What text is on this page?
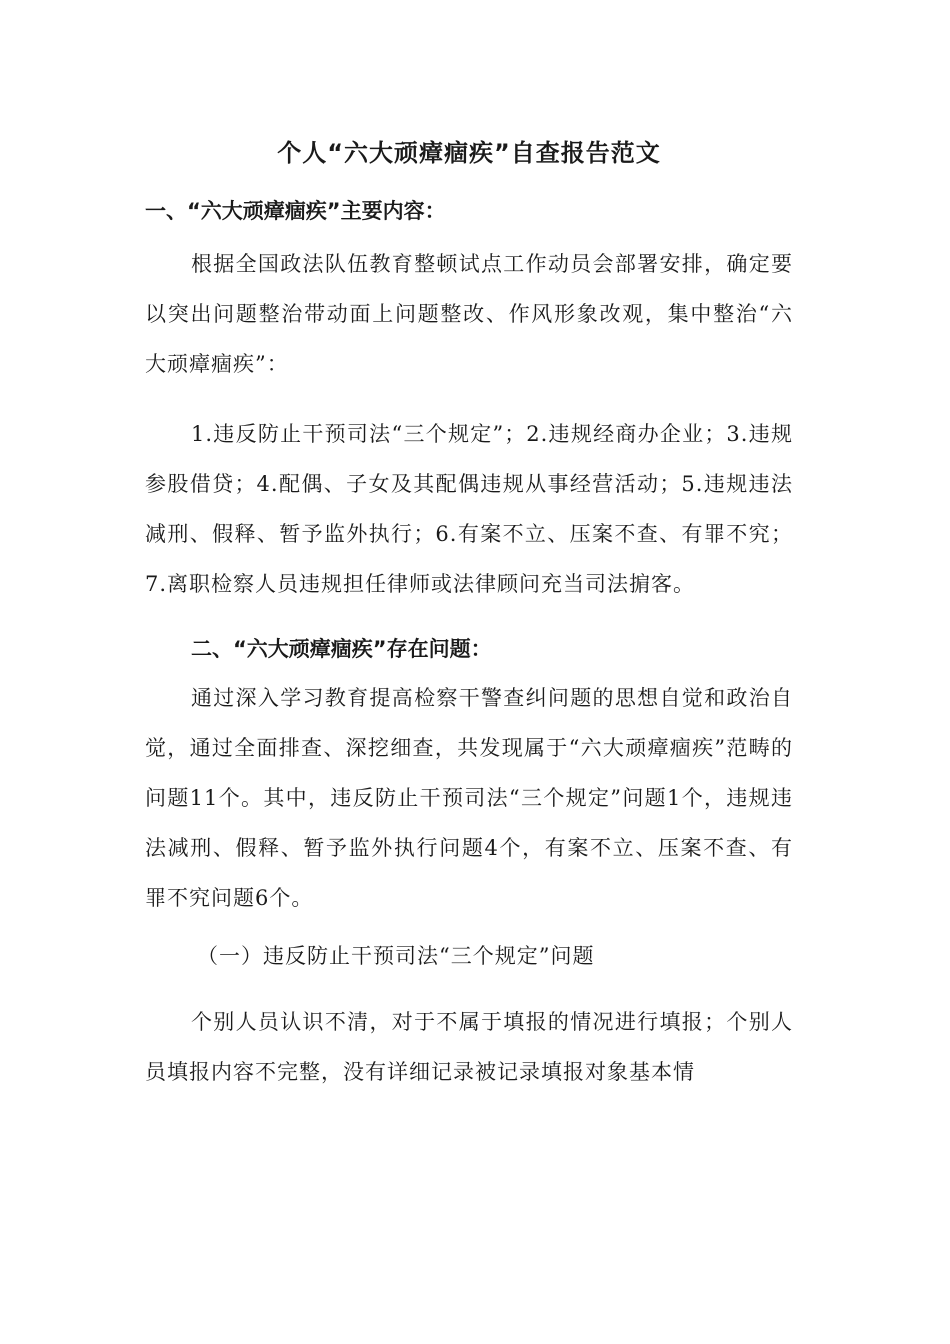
个人“六大顽瘴痼疾”自查报告范文
一、“六大顽瘴痼疾”主要内容：

根据全国政法队伍教育整顿试点工作动员会部署安排，确定要以突出问题整治带动面上问题整改、作风形象改观，集中整治“六大顽瘴痼疾”：

1.违反防止干预司法“三个规定”；2.违规经商办企业；3.违规参股借贷；4.配偶、子女及其配偶违规从事经营活动；5.违规违法减刑、假释、暂予监外执行；6.有案不立、压案不查、有罪不究；7.离职检察人员违规担任律师或法律顾问充当司法掮客。

二、“六大顽瘴痼疾”存在问题：

通过深入学习教育提高检察干警查纠问题的思想自觉和政治自觉，通过全面排查、深挖细查，共发现属于“六大顽瘴痼疾”范畴的问题11个。其中，违反防止干预司法“三个规定”问题1个，违规违法减刑、假释、暂予监外执行问题4个，有案不立、压案不查、有罪不究问题6个。

（一）违反防止干预司法“三个规定”问题

个别人员认识不清，对于不属于填报的情况进行填报；个别人员填报内容不完整，没有详细记录被记录填报对象基本情
